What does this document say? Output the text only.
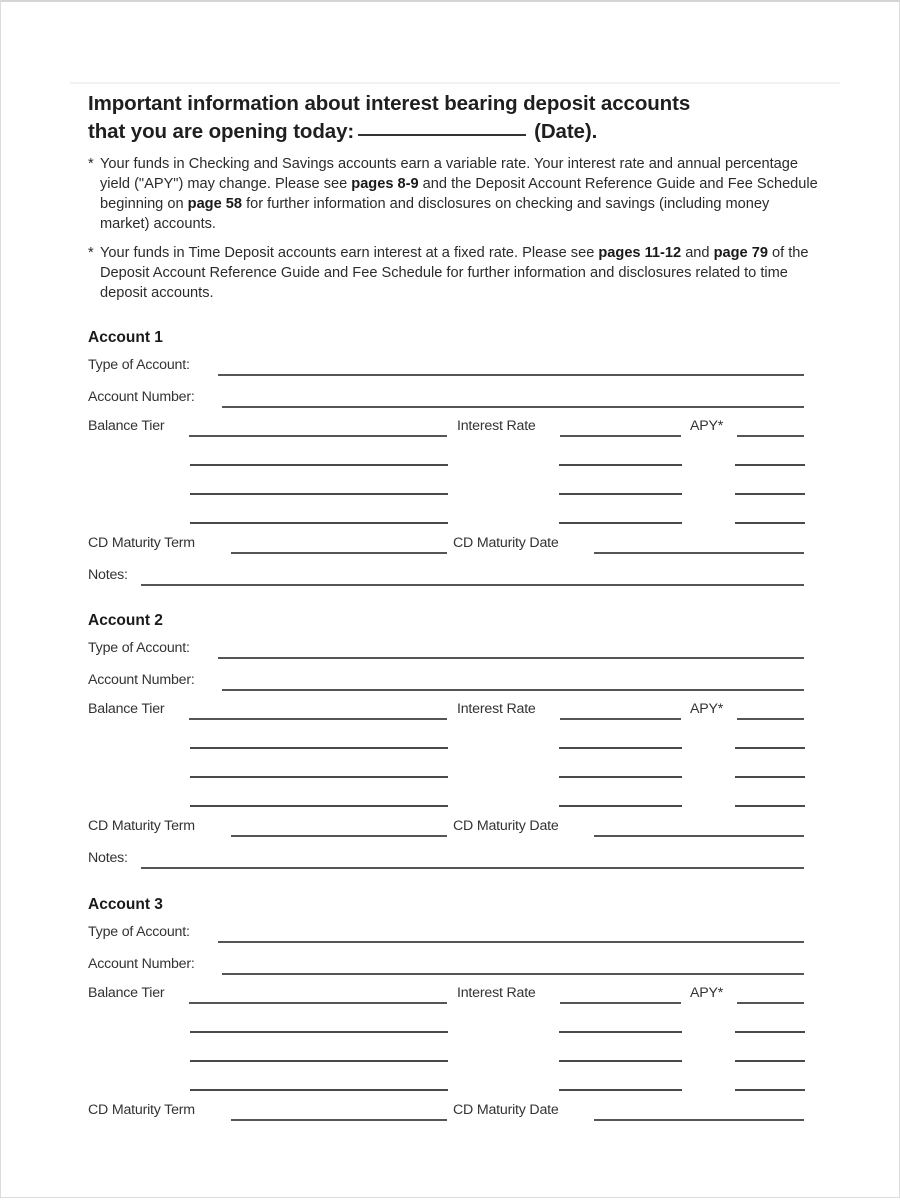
Important information about interest bearing deposit accounts
that you are opening today:	(Date).
* Your funds in Checking and Savings accounts earn a variable rate. Your interest rate and annual percentage yield ("APY") may change. Please see pages 8-9 and the Deposit Account Reference Guide and Fee Schedule beginning on page 58 for further information and disclosures on checking and savings (including money market) accounts.
* Your funds in Time Deposit accounts earn interest at a fixed rate. Please see pages 11-12 and page 79 of the Deposit Account Reference Guide and Fee Schedule for further information and disclosures related to time deposit accounts.
Account 1
Type of Account:
Account Number:
Balance Tier	Interest Rate	APY*
CD Maturity Term	CD Maturity Date
Notes:
Account 2
Type of Account:
Account Number:
Balance Tier	Interest Rate	APY*
CD Maturity Term	CD Maturity Date
Notes:
Account 3
Type of Account:
Account Number:
Balance Tier	Interest Rate	APY*
CD Maturity Term	CD Maturity Date
